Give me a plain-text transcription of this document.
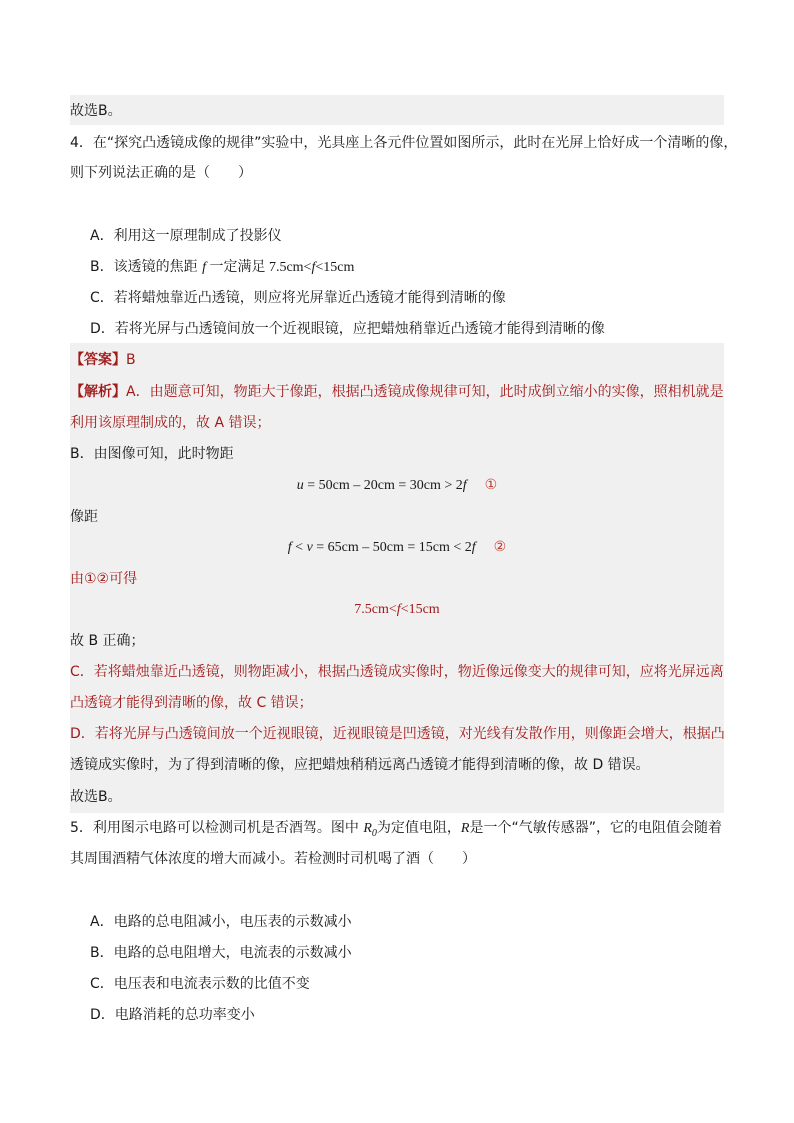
故选B。
4．在“探究凸透镜成像的规律”实验中，光具座上各元件位置如图所示，此时在光屏上恰好成一个清晰的像，
则下列说法正确的是（　　）
A．利用这一原理制成了投影仪
B．该透镜的焦距 f 一定满足 7.5cm<f<15cm
C．若将蜡烛靠近凸透镜，则应将光屏靠近凸透镜才能得到清晰的像
D．若将光屏与凸透镜间放一个近视眼镜，应把蜡烛稍靠近凸透镜才能得到清晰的像
【答案】B
【解析】A．由题意可知，物距大于像距，根据凸透镜成像规律可知，此时成倒立缩小的实像，照相机就是
利用该原理制成的，故 A 错误；
B．由图像可知，此时物距
u = 50cm – 20cm = 30cm > 2f ①
像距
f < v = 65cm – 50cm = 15cm < 2f ②
由①②可得
7.5cm<f<15cm
故 B 正确；
C．若将蜡烛靠近凸透镜，则物距减小，根据凸透镜成实像时，物近像远像变大的规律可知，应将光屏远离
凸透镜才能得到清晰的像，故 C 错误；
D．若将光屏与凸透镜间放一个近视眼镜，近视眼镜是凹透镜，对光线有发散作用，则像距会增大，根据凸
透镜成实像时，为了得到清晰的像，应把蜡烛稍稍远离凸透镜才能得到清晰的像，故 D 错误。
故选B。
5．利用图示电路可以检测司机是否酒驾。图中 $R_0$为定值电阻，R是一个“气敏传感器”，它的电阻值会随着
其周围酒精气体浓度的增大而减小。若检测时司机喝了酒（　　）
A．电路的总电阻减小，电压表的示数减小
B．电路的总电阻增大，电流表的示数减小
C．电压表和电流表示数的比值不变
D．电路消耗的总功率变小
